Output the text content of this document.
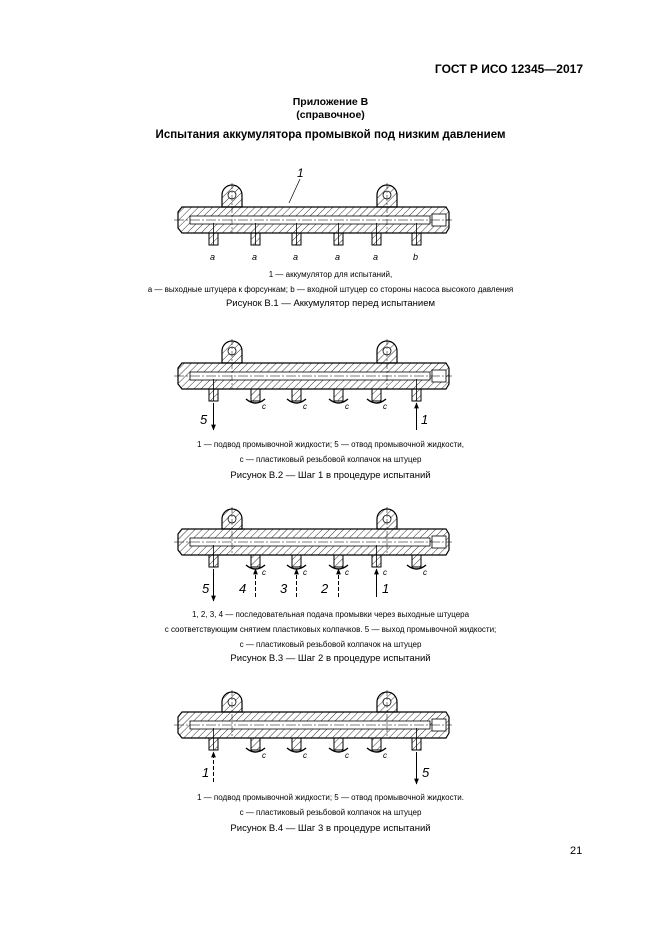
ГОСТ Р ИСО 12345—2017
Приложение В
(справочное)
Испытания аккумулятора промывкой под низким давлением
1
a	a	a	a	a	b
1 — аккумулятор для испытаний,
a — выходные штуцера к форсункам; b — входной штуцер со стороны насоса высокого давления
Рисунок В.1 — Аккумулятор перед испытанием
c	c	c	c
5	1
1 — подвод промывочной жидкости; 5 — отвод промывочной жидкости,
c — пластиковый резьбовой колпачок на штуцер
Рисунок В.2 — Шаг 1 в процедуре испытаний
c	c	c	c	c
5 4	3	2	1
1, 2, 3, 4 — последовательная подача промывки через выходные штуцера
с соответствующим снятием пластиковых колпачков. 5 — выход промывочной жидкости;
c — пластиковый резьбовой колпачок на штуцер
Рисунок В.3 — Шаг 2 в процедуре испытаний
c	c	c	c
1	5
1 — подвод промывочной жидкости; 5 — отвод промывочной жидкости.
c — пластиковый резьбовой колпачок на штуцер
Рисунок В.4 — Шаг 3 в процедуре испытаний
21
